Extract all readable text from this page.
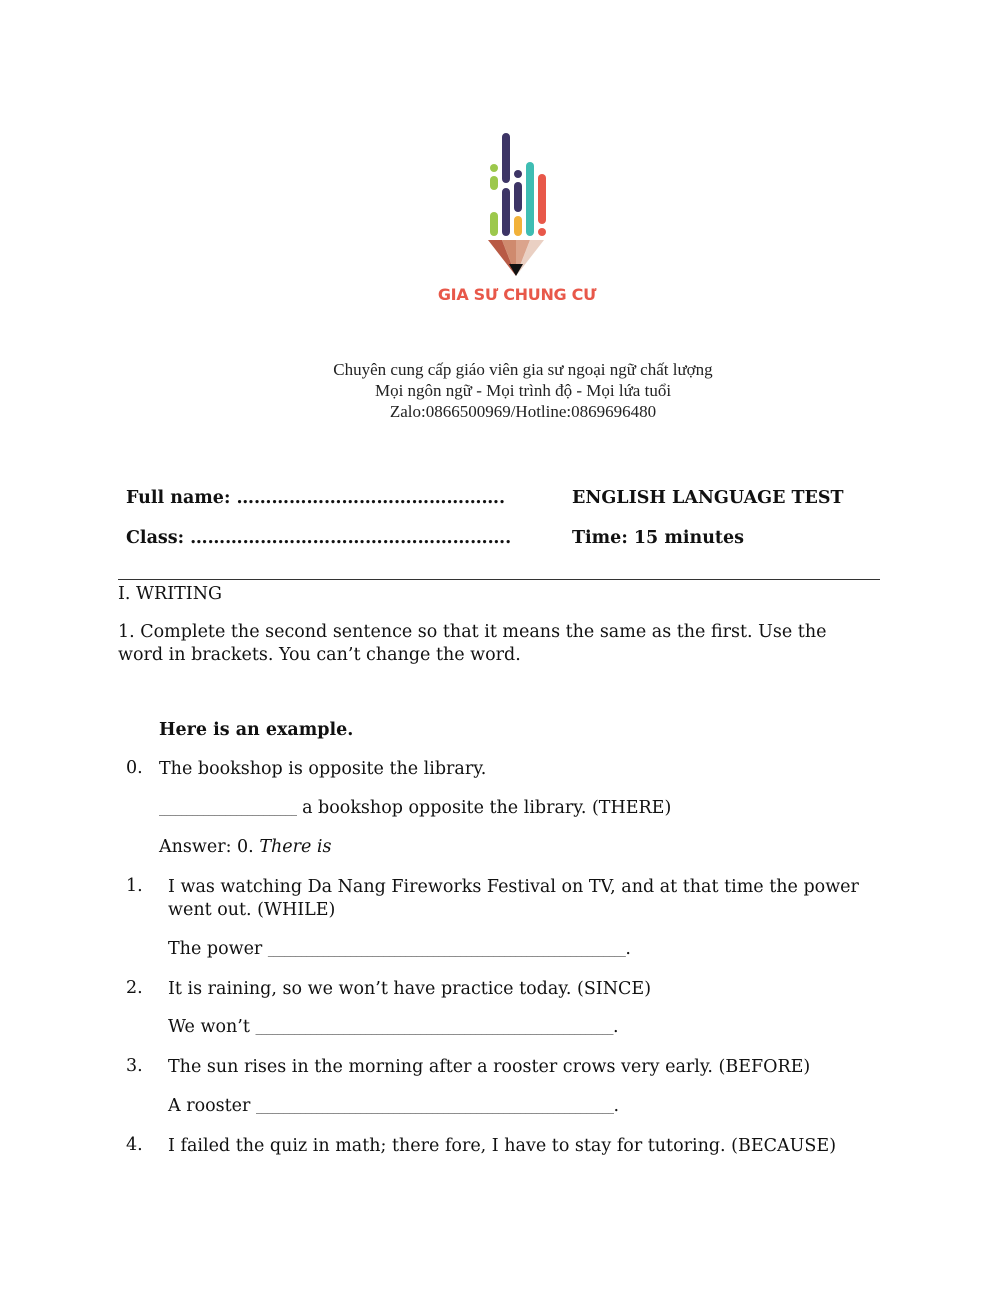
GIA SƯ CHUNG CƯ
Chuyên cung cấp giáo viên gia sư ngoại ngữ chất lượng
Mọi ngôn ngữ - Mọi trình độ - Mọi lứa tuổi
Zalo:0866500969/Hotline:0869696480
Full name: ……………………………………….
Class: ……………………………………………….
ENGLISH LANGUAGE TEST
Time: 15 minutes
I. WRITING
1. Complete the second sentence so that it means the same as the first. Use the word in brackets. You can’t change the word.
Here is an example.
0. The bookshop is opposite the library.
_________________________ a bookshop opposite the library. (THERE)
Answer: 0. There is
1. I was watching Da Nang Fireworks Festival on TV, and at that time the power went out. (WHILE)
The power _________________________________________________________________.
2. It is raining, so we won’t have practice today. (SINCE)
We won’t _________________________________________________________________.
3. The sun rises in the morning after a rooster crows very early. (BEFORE)
A rooster _________________________________________________________________.
4. I failed the quiz in math; there fore, I have to stay for tutoring. (BECAUSE)
